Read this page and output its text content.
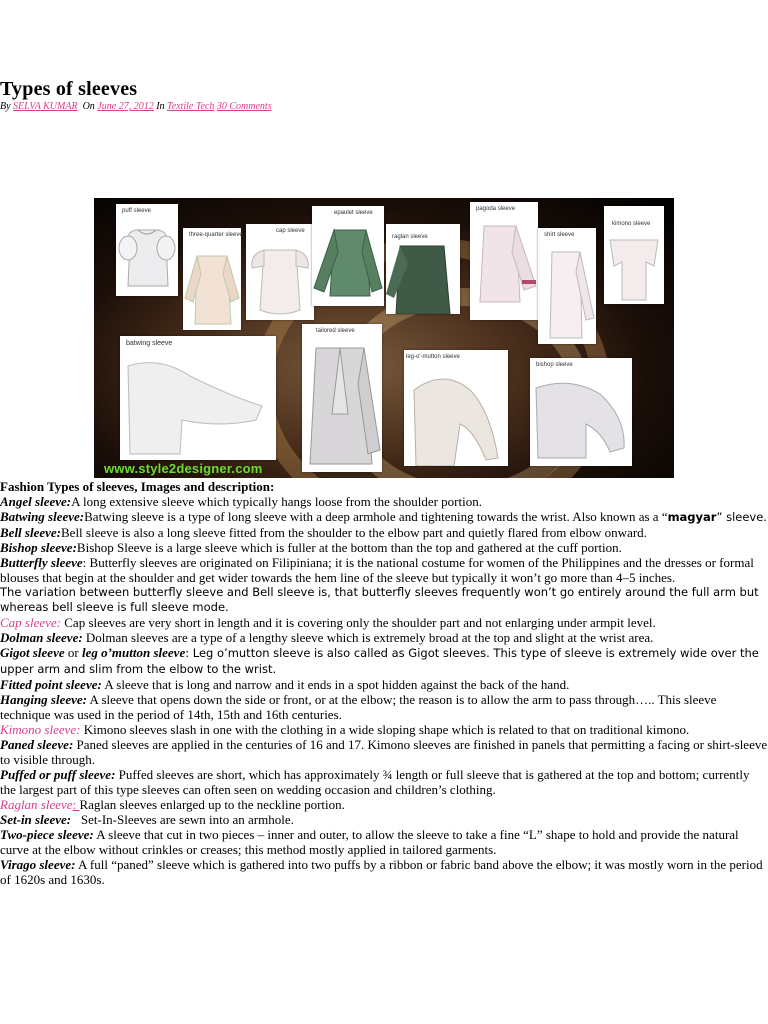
Types of sleeves
By SELVA KUMAR On June 27, 2012 In Textile Tech 30 Comments
puff sleeve
three-quarter sleeve
cap sleeve
epaulet sleeve
raglan sleeve
pagoda sleeve
shirt sleeve
kimono sleeve
batwing sleeve
tailored sleeve
leg-o'-mutton sleeve
bishop sleeve
www.style2designer.com

Fashion Types of sleeves, Images and description:

Angel sleeve:A long extensive sleeve which typically hangs loose from the shoulder portion.

Batwing sleeve:Batwing sleeve is a type of long sleeve with a deep armhole and tightening towards the wrist. Also known as a “magyar” sleeve.

Bell sleeve:Bell sleeve is also a long sleeve fitted from the shoulder to the elbow part and quietly flared from elbow onward.

Bishop sleeve:Bishop Sleeve is a large sleeve which is fuller at the bottom than the top and gathered at the cuff portion.

Butterfly sleeve: Butterfly sleeves are originated on Filipiniana; it is the national costume for women of the Philippines and the dresses or formal blouses that begin at the shoulder and get wider towards the hem line of the sleeve but typically it won’t go more than 4–5 inches.

The variation between butterfly sleeve and Bell sleeve is, that butterfly sleeves frequently won’t go entirely around the full arm but whereas bell sleeve is full sleeve mode.

Cap sleeve: Cap sleeves are very short in length and it is covering only the shoulder part and not enlarging under armpit level.

Dolman sleeve: Dolman sleeves are a type of a lengthy sleeve which is extremely broad at the top and slight at the wrist area.

Gigot sleeve or leg o’mutton sleeve: Leg o’mutton sleeve is also called as Gigot sleeves. This type of sleeve is extremely wide over the upper arm and slim from the elbow to the wrist.

Fitted point sleeve: A sleeve that is long and narrow and it ends in a spot hidden against the back of the hand.

Hanging sleeve: A sleeve that opens down the side or front, or at the elbow; the reason is to allow the arm to pass through….. This sleeve technique was used in the period of 14th, 15th and 16th centuries.

Kimono sleeve: Kimono sleeves slash in one with the clothing in a wide sloping shape which is related to that on traditional kimono.

Paned sleeve: Paned sleeves are applied in the centuries of 16 and 17. Kimono sleeves are finished in panels that permitting a facing or shirt-sleeve to visible through.

Puffed or puff sleeve: Puffed sleeves are short, which has approximately ¾ length or full sleeve that is gathered at the top and bottom; currently the largest part of this type sleeves can often seen on wedding occasion and children’s clothing.

Raglan sleeve: Raglan sleeves enlarged up to the neckline portion.

Set-in sleeve:   Set-In-Sleeves are sewn into an armhole.

Two-piece sleeve: A sleeve that cut in two pieces – inner and outer, to allow the sleeve to take a fine “L” shape to hold and provide the natural curve at the elbow without crinkles or creases; this method mostly applied in tailored garments.

Virago sleeve: A full “paned” sleeve which is gathered into two puffs by a ribbon or fabric band above the elbow; it was mostly worn in the period of 1620s and 1630s.
